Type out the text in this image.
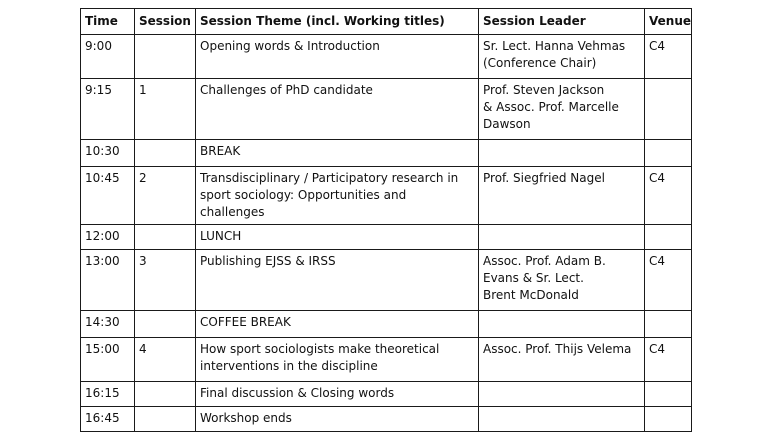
Time	Session	Session Theme (incl. Working titles)	Session Leader	Venue
9:00		Opening words & Introduction	Sr. Lect. Hanna Vehmas
(Conference Chair)	C4
9:15	1	Challenges of PhD candidate	Prof. Steven Jackson
& Assoc. Prof. Marcelle
Dawson	
10:30		BREAK		
10:45	2	Transdisciplinary / Participatory research in sport sociology: Opportunities and challenges	Prof. Siegfried Nagel	C4
12:00		LUNCH		
13:00	3	Publishing EJSS & IRSS	Assoc. Prof. Adam B.
Evans & Sr. Lect.
Brent McDonald	C4
14:30		COFFEE BREAK		
15:00	4	How sport sociologists make theoretical interventions in the discipline	Assoc. Prof. Thijs Velema	C4
16:15		Final discussion & Closing words		
16:45		Workshop ends		
